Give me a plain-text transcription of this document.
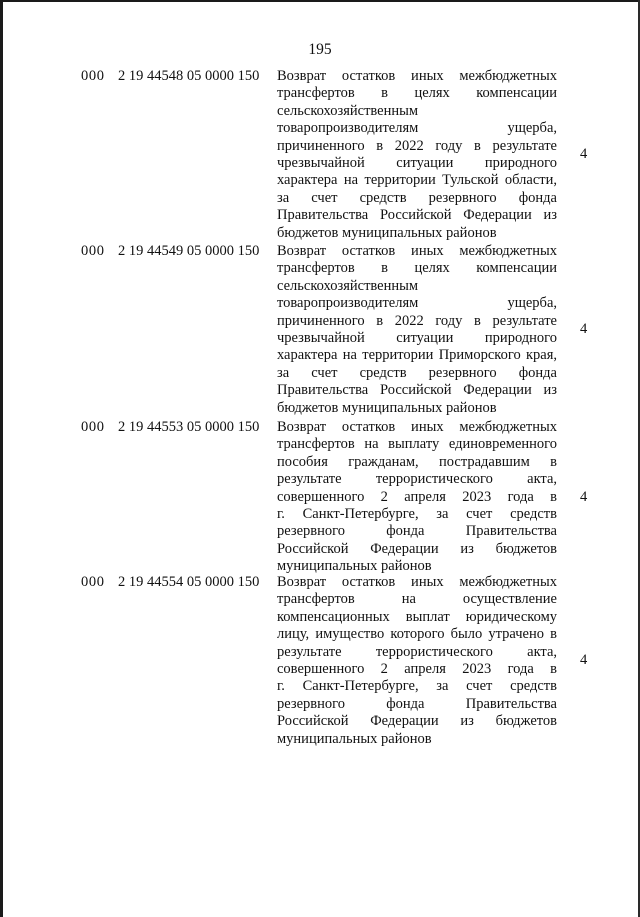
195
000 2 19 44548 05 0000 150 Возврат остатков иных межбюджетных
трансфертов в целях компенсации
сельскохозяйственным
товаропроизводителям ущерба,
причиненного в 2022 году в результате
чрезвычайной ситуации природного
характера на территории Тульской области,
за счет средств резервного фонда
Правительства Российской Федерации из
бюджетов муниципальных районов
4
000 2 19 44549 05 0000 150 Возврат остатков иных межбюджетных
трансфертов в целях компенсации
сельскохозяйственным
товаропроизводителям ущерба,
причиненного в 2022 году в результате
чрезвычайной ситуации природного
характера на территории Приморского края,
за счет средств резервного фонда
Правительства Российской Федерации из
бюджетов муниципальных районов
4
000 2 19 44553 05 0000 150 Возврат остатков иных межбюджетных
трансфертов на выплату единовременного
пособия гражданам, пострадавшим в
результате террористического акта,
совершенного 2 апреля 2023 года в
г. Санкт-Петербурге, за счет средств
резервного фонда Правительства
Российской Федерации из бюджетов
муниципальных районов
4
000 2 19 44554 05 0000 150 Возврат остатков иных межбюджетных
трансфертов на осуществление
компенсационных выплат юридическому
лицу, имущество которого было утрачено в
результате террористического акта,
совершенного 2 апреля 2023 года в
г. Санкт-Петербурге, за счет средств
резервного фонда Правительства
Российской Федерации из бюджетов
муниципальных районов
4
